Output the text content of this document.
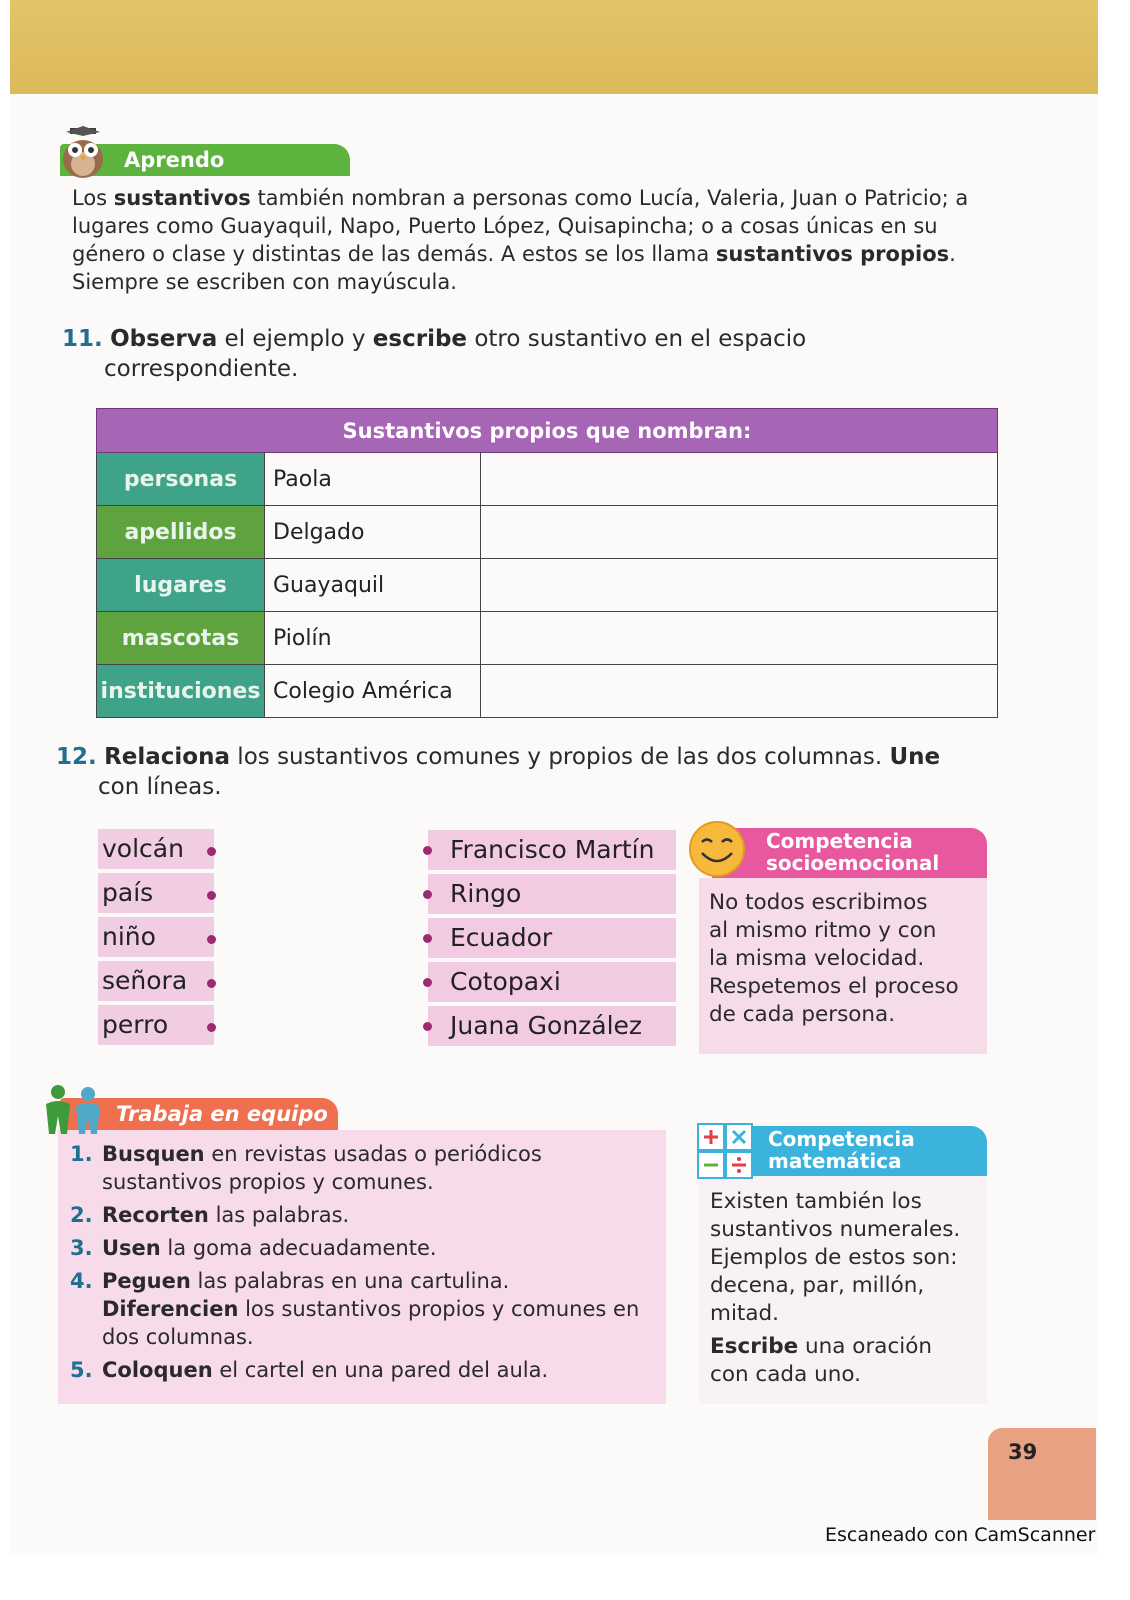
Aprendo
Los sustantivos también nombran a personas como Lucía, Valeria, Juan o Patricio; a lugares como Guayaquil, Napo, Puerto López, Quisapincha; o a cosas únicas en su género o clase y distintas de las demás. A estos se los llama sustantivos propios. Siempre se escriben con mayúscula.
11. Observa el ejemplo y escribe otro sustantivo en el espacio
correspondiente.
Sustantivos propios que nombran:		
personas	Paola	
apellidos	Delgado	
lugares	Guayaquil	
mascotas	Piolín	
instituciones	Colegio América	
12. Relaciona los sustantivos comunes y propios de las dos columnas. Une
con líneas.
volcán
país
niño
señora
perro
Francisco Martín
Ringo
Ecuador
Cotopaxi
Juana González
Competencia
socioemocional
No todos escribimos
al mismo ritmo y con
la misma velocidad.
Respetemos el proceso
de cada persona.
Trabaja en equipo
1. Busquen en revistas usadas o periódicos
sustantivos propios y comunes.
2. Recorten las palabras.
3. Usen la goma adecuadamente.
4. Peguen las palabras en una cartulina.
Diferencien los sustantivos propios y comunes en
dos columnas.
5. Coloquen el cartel en una pared del aula.
Competencia
matemática
Existen también los
sustantivos numerales.
Ejemplos de estos son:
decena, par, millón,
mitad.
Escribe una oración
con cada uno.
39
Escaneado con CamScanner
